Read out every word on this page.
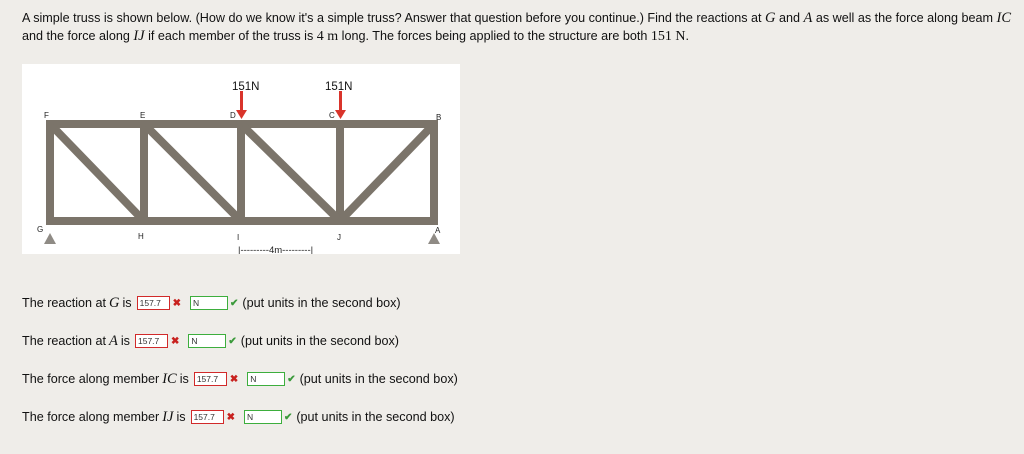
A simple truss is shown below. (How do we know it's a simple truss? Answer that question before you continue.) Find the reactions at G and A as well as the force along beam IC and the force along IJ if each member of the truss is 4 m long. The forces being applied to the structure are both 151 N.
151N	151N
F	E	D	C	B
G
H	I	J
A
|---------4m---------|
The reaction at G is 157.7	✖	N	✔ (put units in the second box)
The reaction at A is 157.7	✖	N	✔ (put units in the second box)
The force along member IC is 157.7	✖	N	✔ (put units in the second box)
The force along member IJ is 157.7	✖	N	✔ (put units in the second box)
